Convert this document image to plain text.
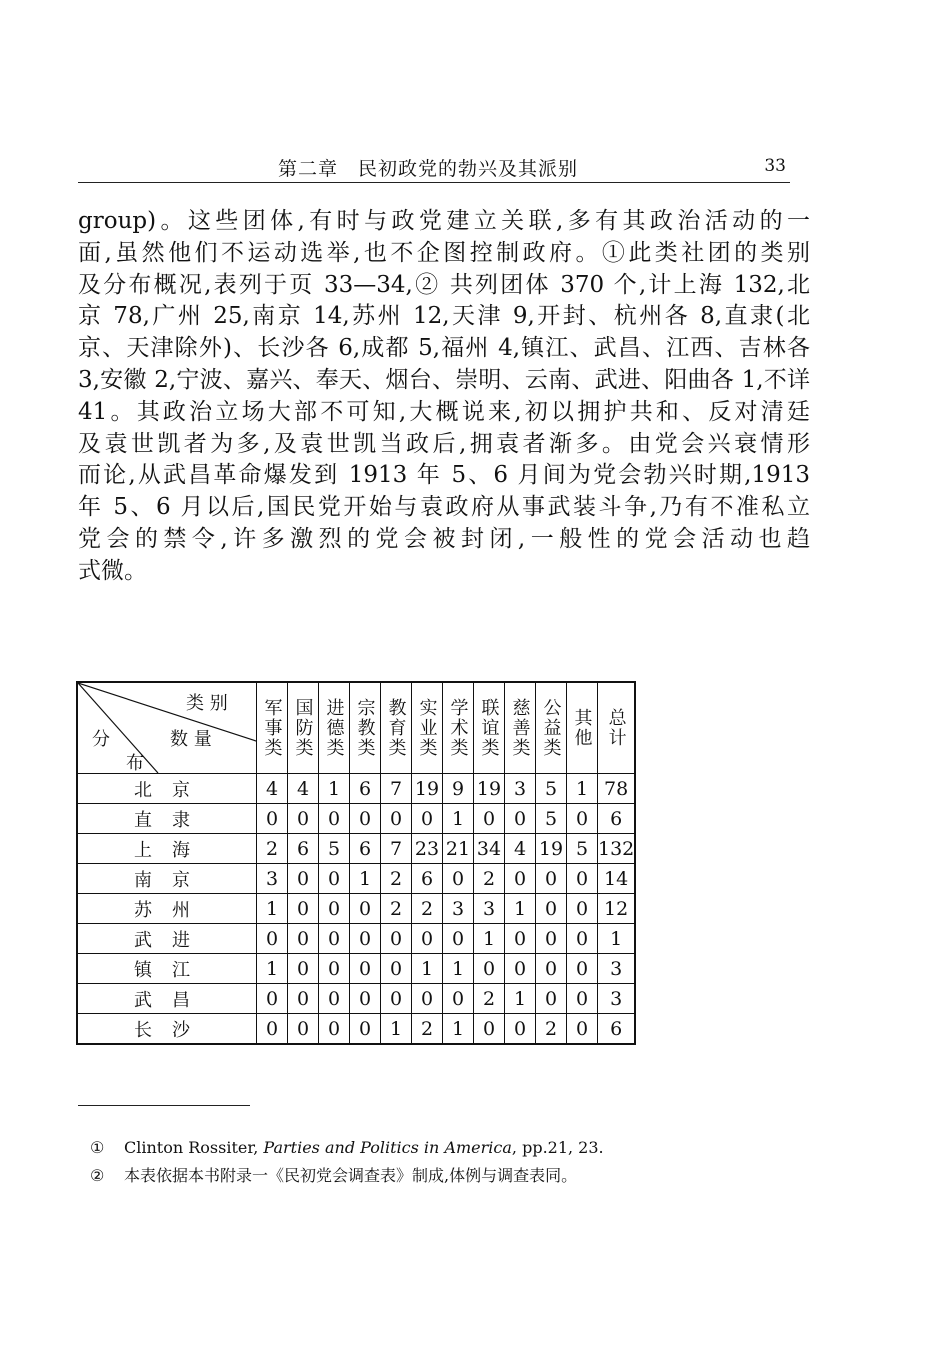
第二章　民初政党的勃兴及其派别	33
group)。这些团体,有时与政党建立关联,多有其政治活动的一
面,虽然他们不运动选举,也不企图控制政府。①此类社团的类别
及分布概况,表列于页 33—34,② 共列团体 370 个,计上海 132,北
京 78,广州 25,南京 14,苏州 12,天津 9,开封、杭州各 8,直隶(北
京、天津除外)、长沙各 6,成都 5,福州 4,镇江、武昌、江西、吉林各
3,安徽 2,宁波、嘉兴、奉天、烟台、崇明、云南、武进、阳曲各 1,不详
41。其政治立场大部不可知,大概说来,初以拥护共和、反对清廷
及袁世凯者为多,及袁世凯当政后,拥袁者渐多。由党会兴衰情形
而论,从武昌革命爆发到 1913 年 5、6 月间为党会勃兴时期,1913
年 5、6 月以后,国民党开始与袁政府从事武装斗争,乃有不准私立
党会的禁令,许多激烈的党会被封闭,一般性的党会活动也趋
式微。
类 别
数 量
分
布	军事类	国防类	进德类	宗教类	教育类	实业类	学术类	联谊类	慈善类	公益类	其他	总计
北京	4	4	1	6	7	19	9	19	3	5	1	78
直隶	0	0	0	0	0	0	1	0	0	5	0	6
上海	2	6	5	6	7	23	21	34	4	19	5	132
南京	3	0	0	1	2	6	0	2	0	0	0	14
苏州	1	0	0	0	2	2	3	3	1	0	0	12
武进	0	0	0	0	0	0	0	1	0	0	0	1
镇江	1	0	0	0	0	1	1	0	0	0	0	3
武昌	0	0	0	0	0	0	0	2	1	0	0	3
长沙	0	0	0	0	1	2	1	0	0	2	0	6
① Clinton Rossiter, Parties and Politics in America, pp.21, 23.
② 本表依据本书附录一《民初党会调查表》制成,体例与调查表同。
